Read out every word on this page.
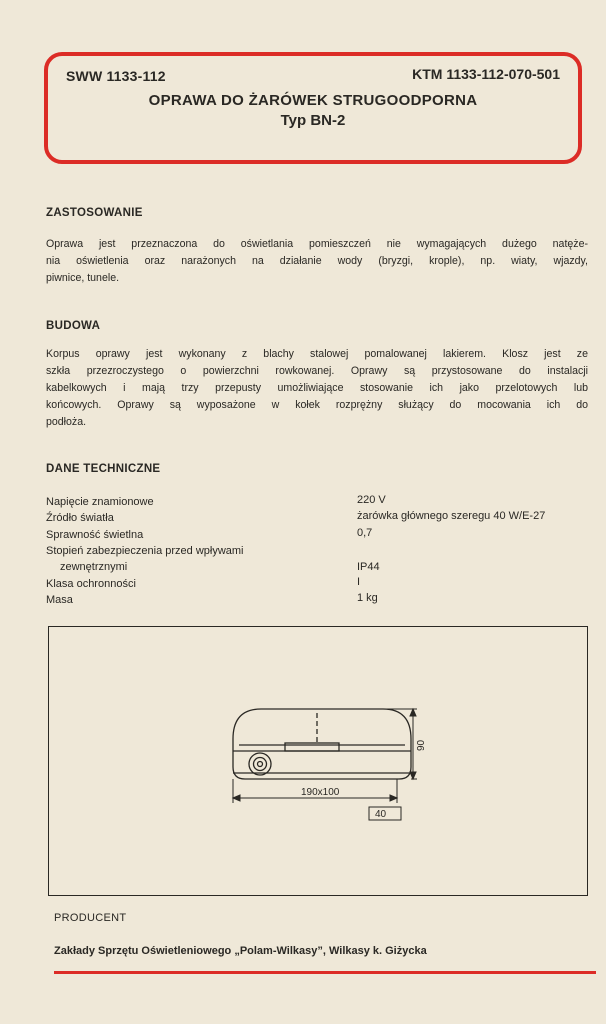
SWW 1133-112	KTM 1133-112-070-501
OPRAWA DO ŻARÓWEK STRUGOODPORNA
Typ BN-2
ZASTOSOWANIE
Oprawa jest przeznaczona do oświetlania pomieszczeń nie wymagających dużego natęże-
nia oświetlenia oraz narażonych na działanie wody (bryzgi, krople), np. wiaty, wjazdy,
piwnice, tunele.
BUDOWA
Korpus oprawy jest wykonany z blachy stalowej pomalowanej lakierem. Klosz jest ze
szkła przezroczystego o powierzchni rowkowanej. Oprawy są przystosowane do instalacji
kabelkowych i mają trzy przepusty umożliwiające stosowanie ich jako przelotowych lub
końcowych. Oprawy są wyposażone w kołek rozprężny służący do mocowania ich do
podłoża.
DANE TECHNICZNE
Napięcie znamionowe	220 V
Źródło światła	żarówka głównego szeregu 40 W/E-27
Sprawność świetlna	0,7
Stopień zabezpieczenia przed wpływami
zewnętrznymi	IP44
Klasa ochronności	I
Masa	1 kg
190x100
90
40
PRODUCENT
Zakłady Sprzętu Oświetleniowego „Polam-Wilkasy”, Wilkasy k. Giżycka
